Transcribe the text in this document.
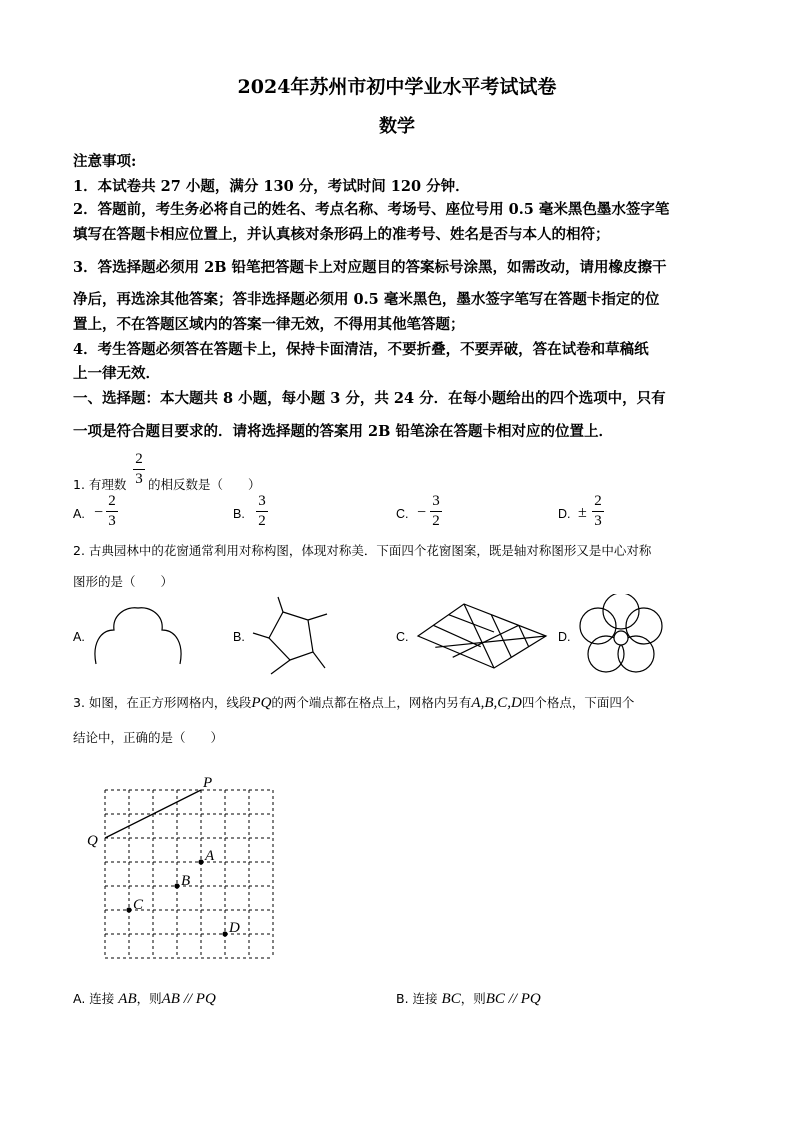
2024年苏州市初中学业水平考试试卷
数学
注意事项:
1．本试卷共 27 小题，满分 130 分，考试时间 120 分钟．
2．答题前，考生务必将自己的姓名、考点名称、考场号、座位号用 0.5 毫米黑色墨水签字笔
填写在答题卡相应位置上，并认真核对条形码上的准考号、姓名是否与本人的相符；
3．答选择题必须用 2B 铅笔把答题卡上对应题目的答案标号涂黑，如需改动，请用橡皮擦干
净后，再选涂其他答案；答非选择题必须用 0.5 毫米黑色，墨水签字笔写在答题卡指定的位
置上，不在答题区域内的答案一律无效，不得用其他笔答题；
4．考生答题必须答在答题卡上，保持卡面清洁，不要折叠，不要弄破，答在试卷和草稿纸
上一律无效．
一、选择题：本大题共 8 小题，每小题 3 分，共 24 分．在每小题给出的四个选项中，只有
一项是符合题目要求的．请将选择题的答案用 2B 铅笔涂在答题卡相对应的位置上．
1. 有理数
2
3 的相反数是（　　）
A. −
2
3	B.
3
2	C. −
3
2	D. ±
2
3
2. 古典园林中的花窗通常利用对称构图，体现对称美．下面四个花窗图案，既是轴对称图形又是中心对称
图形的是（　　）
A.	B.	C.	D.
3. 如图，在正方形网格内，线段PQ的两个端点都在格点上，网格内另有A,B,C,D四个格点，下面四个
结论中，正确的是（　　）
P
Q
A
B
C
D
A. 连接 AB，则AB // PQ	B. 连接 BC，则BC // PQ
